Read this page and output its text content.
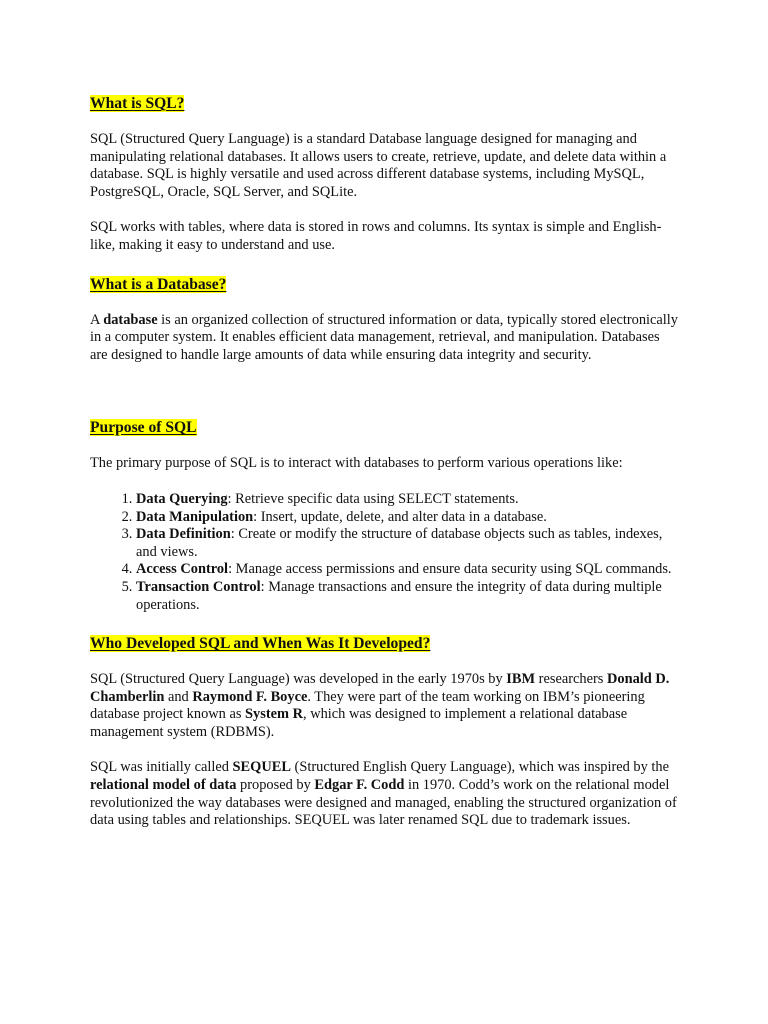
What is SQL?

SQL (Structured Query Language) is a standard Database language designed for managing and manipulating relational databases. It allows users to create, retrieve, update, and delete data within a database. SQL is highly versatile and used across different database systems, including MySQL, PostgreSQL, Oracle, SQL Server, and SQLite.

SQL works with tables, where data is stored in rows and columns. Its syntax is simple and English-like, making it easy to understand and use.

What is a Database?

A database is an organized collection of structured information or data, typically stored electronically in a computer system. It enables efficient data management, retrieval, and manipulation. Databases are designed to handle large amounts of data while ensuring data integrity and security.

Purpose of SQL

The primary purpose of SQL is to interact with databases to perform various operations like:

1. Data Querying: Retrieve specific data using SELECT statements.
2. Data Manipulation: Insert, update, delete, and alter data in a database.
3. Data Definition: Create or modify the structure of database objects such as tables, indexes, and views.
4. Access Control: Manage access permissions and ensure data security using SQL commands.
5. Transaction Control: Manage transactions and ensure the integrity of data during multiple operations.
Who Developed SQL and When Was It Developed?

SQL (Structured Query Language) was developed in the early 1970s by IBM researchers Donald D. Chamberlin and Raymond F. Boyce. They were part of the team working on IBM’s pioneering database project known as System R, which was designed to implement a relational database management system (RDBMS).

SQL was initially called SEQUEL (Structured English Query Language), which was inspired by the relational model of data proposed by Edgar F. Codd in 1970. Codd’s work on the relational model revolutionized the way databases were designed and managed, enabling the structured organization of data using tables and relationships. SEQUEL was later renamed SQL due to trademark issues.
